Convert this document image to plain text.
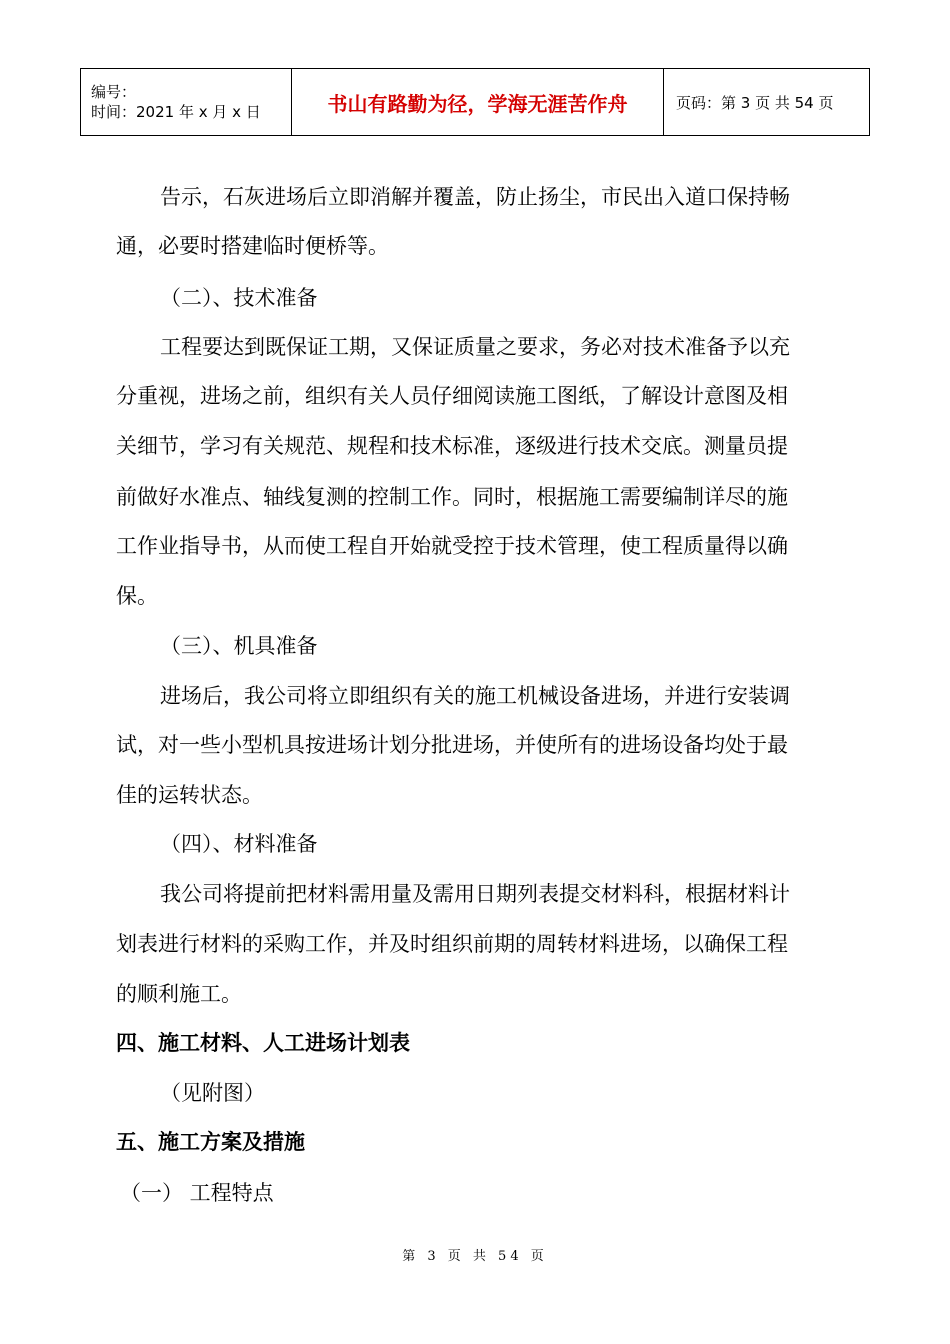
编号：
时间：2021 年 x 月 x 日	书山有路勤为径，学海无涯苦作舟	页码：第 3 页 共 54 页
告示，石灰进场后立即消解并覆盖，防止扬尘，市民出入道口保持畅
通，必要时搭建临时便桥等。
（二）、技术准备
工程要达到既保证工期，又保证质量之要求，务必对技术准备予以充
分重视，进场之前，组织有关人员仔细阅读施工图纸，了解设计意图及相
关细节，学习有关规范、规程和技术标准，逐级进行技术交底。测量员提
前做好水准点、轴线复测的控制工作。同时，根据施工需要编制详尽的施
工作业指导书，从而使工程自开始就受控于技术管理，使工程质量得以确
保。
（三）、机具准备
进场后，我公司将立即组织有关的施工机械设备进场，并进行安装调
试，对一些小型机具按进场计划分批进场，并使所有的进场设备均处于最
佳的运转状态。
（四）、材料准备
我公司将提前把材料需用量及需用日期列表提交材料科，根据材料计
划表进行材料的采购工作，并及时组织前期的周转材料进场，以确保工程
的顺利施工。
四、施工材料、人工进场计划表
（见附图）
五、施工方案及措施
（一） 工程特点
第 3 页 共 54 页
